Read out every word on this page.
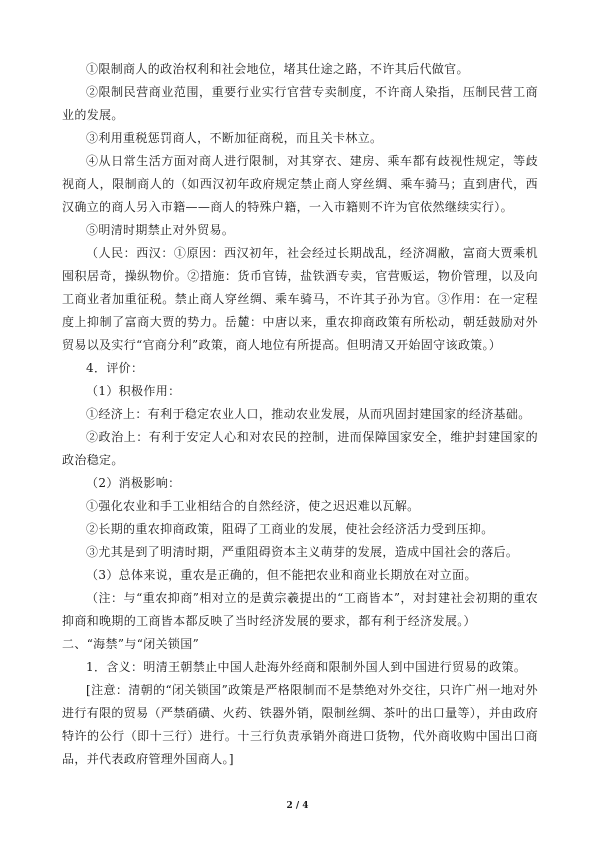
①限制商人的政治权利和社会地位，堵其仕途之路，不许其后代做官。

②限制民营商业范围，重要行业实行官营专卖制度，不许商人染指，压制民营工商业的发展。

③利用重税惩罚商人，不断加征商税，而且关卡林立。

④从日常生活方面对商人进行限制，对其穿衣、建房、乘车都有歧视性规定，等歧视商人，限制商人的（如西汉初年政府规定禁止商人穿丝绸、乘车骑马；直到唐代，西汉确立的商人另入市籍——商人的特殊户籍，一入市籍则不许为官依然继续实行）。

⑤明清时期禁止对外贸易。

（人民：西汉：①原因：西汉初年，社会经过长期战乱，经济凋敝，富商大贾乘机囤积居奇，操纵物价。②措施：货币官铸，盐铁酒专卖，官营贩运，物价管理，以及向工商业者加重征税。禁止商人穿丝绸、乘车骑马，不许其子孙为官。③作用：在一定程度上抑制了富商大贾的势力。岳麓：中唐以来，重农抑商政策有所松动，朝廷鼓励对外贸易以及实行“官商分利”政策，商人地位有所提高。但明清又开始固守该政策。）

4．评价：

（1）积极作用：

①经济上：有利于稳定农业人口，推动农业发展，从而巩固封建国家的经济基础。

②政治上：有利于安定人心和对农民的控制，进而保障国家安全，维护封建国家的政治稳定。

（2）消极影响：

①强化农业和手工业相结合的自然经济，使之迟迟难以瓦解。

②长期的重农抑商政策，阻碍了工商业的发展，使社会经济活力受到压抑。

③尤其是到了明清时期，严重阻碍资本主义萌芽的发展，造成中国社会的落后。

（3）总体来说，重农是正确的，但不能把农业和商业长期放在对立面。

（注：与“重农抑商”相对立的是黄宗羲提出的“工商皆本”，对封建社会初期的重农抑商和晚期的工商皆本都反映了当时经济发展的要求，都有利于经济发展。）

二、“海禁”与“闭关锁国”

1．含义：明清王朝禁止中国人赴海外经商和限制外国人到中国进行贸易的政策。

[注意：清朝的“闭关锁国”政策是严格限制而不是禁绝对外交往，只许广州一地对外进行有限的贸易（严禁硝磺、火药、铁器外销，限制丝绸、茶叶的出口量等），并由政府特许的公行（即十三行）进行。十三行负责承销外商进口货物，代外商收购中国出口商品，并代表政府管理外国商人。]

2 / 4
